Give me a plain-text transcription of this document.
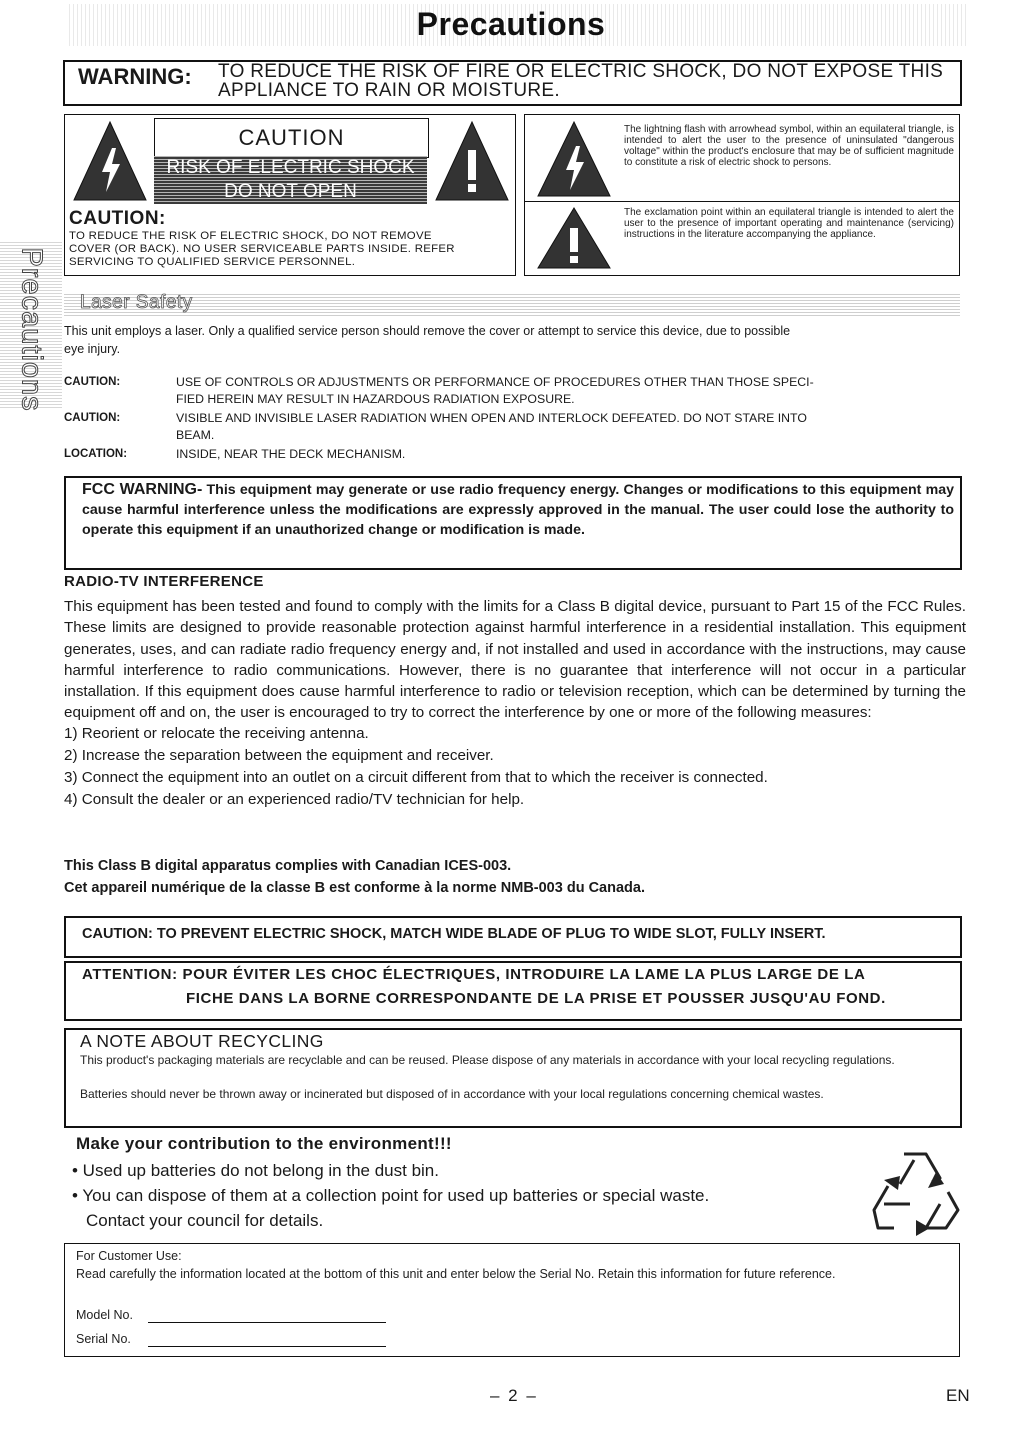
Precautions
Precautions
WARNING: TO REDUCE THE RISK OF FIRE OR ELECTRIC SHOCK, DO NOT EXPOSE THIS
APPLIANCE TO RAIN OR MOISTURE.
CAUTION
RISK OF ELECTRIC SHOCK
DO NOT OPEN
CAUTION:
TO REDUCE THE RISK OF ELECTRIC SHOCK, DO NOT REMOVE
COVER (OR BACK). NO USER SERVICEABLE PARTS INSIDE. REFER
SERVICING TO QUALIFIED SERVICE PERSONNEL.
The lightning flash with arrowhead symbol, within an equilateral triangle, is intended to alert the user to the presence of uninsulated "dangerous voltage" within the product's enclosure that may be of sufficient magnitude to constitute a risk of electric shock to persons.
The exclamation point within an equilateral triangle is intended to alert the user to the presence of important operating and maintenance (servicing) instructions in the literature accompanying the appliance.
Laser Safety
This unit employs a laser. Only a qualified service person should remove the cover or attempt to service this device, due to possible
eye injury.
CAUTION:	USE OF CONTROLS OR ADJUSTMENTS OR PERFORMANCE OF PROCEDURES OTHER THAN THOSE SPECI-
FIED HEREIN MAY RESULT IN HAZARDOUS RADIATION EXPOSURE.
CAUTION:	VISIBLE AND INVISIBLE LASER RADIATION WHEN OPEN AND INTERLOCK DEFEATED. DO NOT STARE INTO
BEAM.
LOCATION:	INSIDE, NEAR THE DECK MECHANISM.
FCC WARNING- This equipment may generate or use radio frequency energy. Changes or modifications to this equipment may cause harmful interference unless the modifications are expressly approved in the manual. The user could lose the authority to operate this equipment if an unauthorized change or modification is made.
RADIO-TV INTERFERENCE
This equipment has been tested and found to comply with the limits for a Class B digital device, pursuant to Part 15 of the FCC Rules. These limits are designed to provide reasonable protection against harmful interference in a residential installation. This equipment generates, uses, and can radiate radio frequency energy and, if not installed and used in accordance with the instructions, may cause harmful interference to radio communications. However, there is no guarantee that interference will not occur in a particular installation. If this equipment does cause harmful interference to radio or television reception, which can be determined by turning the equipment off and on, the user is encouraged to try to correct the interference by one or more of the following measures:
1) Reorient or relocate the receiving antenna.
2) Increase the separation between the equipment and receiver.
3) Connect the equipment into an outlet on a circuit different from that to which the receiver is connected.
4) Consult the dealer or an experienced radio/TV technician for help.
This Class B digital apparatus complies with Canadian ICES-003.
Cet appareil numérique de la classe B est conforme à la norme NMB-003 du Canada.
CAUTION: TO PREVENT ELECTRIC SHOCK, MATCH WIDE BLADE OF PLUG TO WIDE SLOT, FULLY INSERT.
ATTENTION: POUR ÉVITER LES CHOC ÉLECTRIQUES, INTRODUIRE LA LAME LA PLUS LARGE DE LA
FICHE DANS LA BORNE CORRESPONDANTE DE LA PRISE ET POUSSER JUSQU'AU FOND.
A NOTE ABOUT RECYCLING
This product's packaging materials are recyclable and can be reused. Please dispose of any materials in accordance with your local recycling regulations.
Batteries should never be thrown away or incinerated but disposed of in accordance with your local regulations concerning chemical wastes.
Make your contribution to the environment!!!
• Used up batteries do not belong in the dust bin.
• You can dispose of them at a collection point for used up batteries or special waste.
Contact your council for details.
For Customer Use:
Read carefully the information located at the bottom of this unit and enter below the Serial No. Retain this information for future reference.
Model No.
Serial No.
– 2 –	EN
